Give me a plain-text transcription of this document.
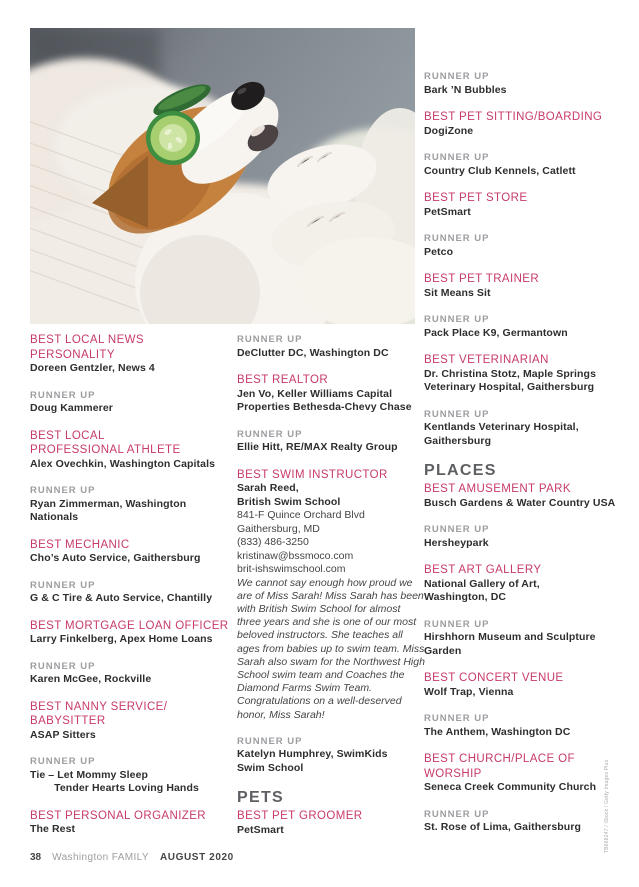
BEST LOCAL NEWS
PERSONALITY
Doreen Gentzler, News 4
RUNNER UP
Doug Kammerer
BEST LOCAL
PROFESSIONAL ATHLETE
Alex Ovechkin, Washington Capitals
RUNNER UP
Ryan Zimmerman, Washington
Nationals
BEST MECHANIC
Cho’s Auto Service, Gaithersburg
RUNNER UP
G & C Tire & Auto Service, Chantilly
BEST MORTGAGE LOAN OFFICER
Larry Finkelberg, Apex Home Loans
RUNNER UP
Karen McGee, Rockville
BEST NANNY SERVICE/
BABYSITTER
ASAP Sitters
RUNNER UP
Tie – Let Mommy Sleep
Tender Hearts Loving Hands
BEST PERSONAL ORGANIZER
The Rest
RUNNER UP
DeClutter DC, Washington DC
BEST REALTOR
Jen Vo, Keller Williams Capital
Properties Bethesda-Chevy Chase
RUNNER UP
Ellie Hitt, RE/MAX Realty Group
BEST SWIM INSTRUCTOR
Sarah Reed,
British Swim School
841-F Quince Orchard Blvd
Gaithersburg, MD
(833) 486-3250
kristinaw@bssmoco.com
brit-ishswimschool.com
We cannot say enough how proud we are of Miss Sarah! Miss Sarah has been with British Swim School for almost three years and she is one of our most beloved instructors. She teaches all ages from babies up to swim team. Miss Sarah also swam for the Northwest High School swim team and Coaches the Diamond Farms Swim Team. Congratulations on a well-deserved honor, Miss Sarah!
RUNNER UP
Katelyn Humphrey, SwimKids
Swim School
PETS
BEST PET GROOMER
PetSmart
RUNNER UP
Bark ’N Bubbles
BEST PET SITTING/BOARDING
DogiZone
RUNNER UP
Country Club Kennels, Catlett
BEST PET STORE
PetSmart
RUNNER UP
Petco
BEST PET TRAINER
Sit Means Sit
RUNNER UP
Pack Place K9, Germantown
BEST VETERINARIAN
Dr. Christina Stotz, Maple Springs
Veterinary Hospital, Gaithersburg
RUNNER UP
Kentlands Veterinary Hospital,
Gaithersburg
PLACES
BEST AMUSEMENT PARK
Busch Gardens & Water Country USA
RUNNER UP
Hersheypark
BEST ART GALLERY
National Gallery of Art,
Washington, DC
RUNNER UP
Hirshhorn Museum and Sculpture
Garden
BEST CONCERT VENUE
Wolf Trap, Vienna
RUNNER UP
The Anthem, Washington DC
BEST CHURCH/PLACE OF
WORSHIP
Seneca Creek Community Church
RUNNER UP
St. Rose of Lima, Gaithersburg	TB868247 / iStock / Getty Images Plus
38 Washington FAMILY AUGUST 2020
